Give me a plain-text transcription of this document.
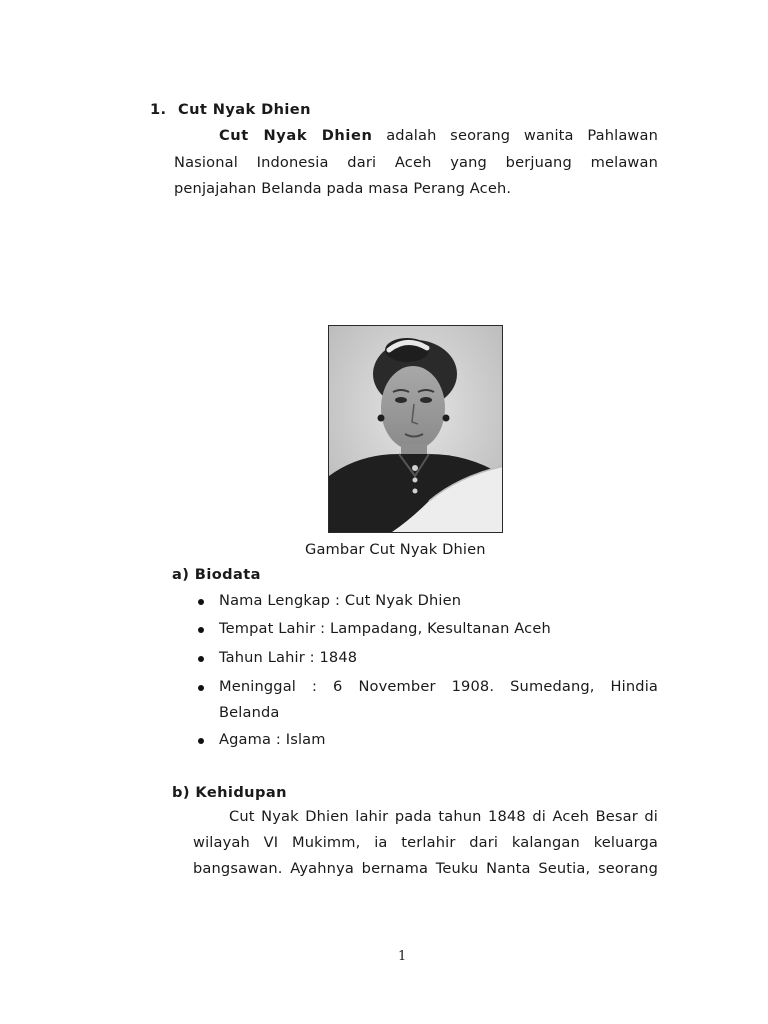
1. Cut Nyak Dhien
Cut Nyak Dhien adalah seorang wanita Pahlawan
Nasional Indonesia dari Aceh yang berjuang melawan
penjajahan Belanda pada masa Perang Aceh.
Gambar Cut Nyak Dhien
a) Biodata
Nama Lengkap : Cut Nyak Dhien
Tempat Lahir : Lampadang, Kesultanan Aceh
Tahun Lahir : 1848
Meninggal : 6 November 1908. Sumedang, Hindia
Belanda
Agama : Islam
b) Kehidupan
Cut Nyak Dhien lahir pada tahun 1848 di Aceh Besar di
wilayah VI Mukimm, ia terlahir dari kalangan keluarga
bangsawan. Ayahnya bernama Teuku Nanta Seutia, seorang
1
